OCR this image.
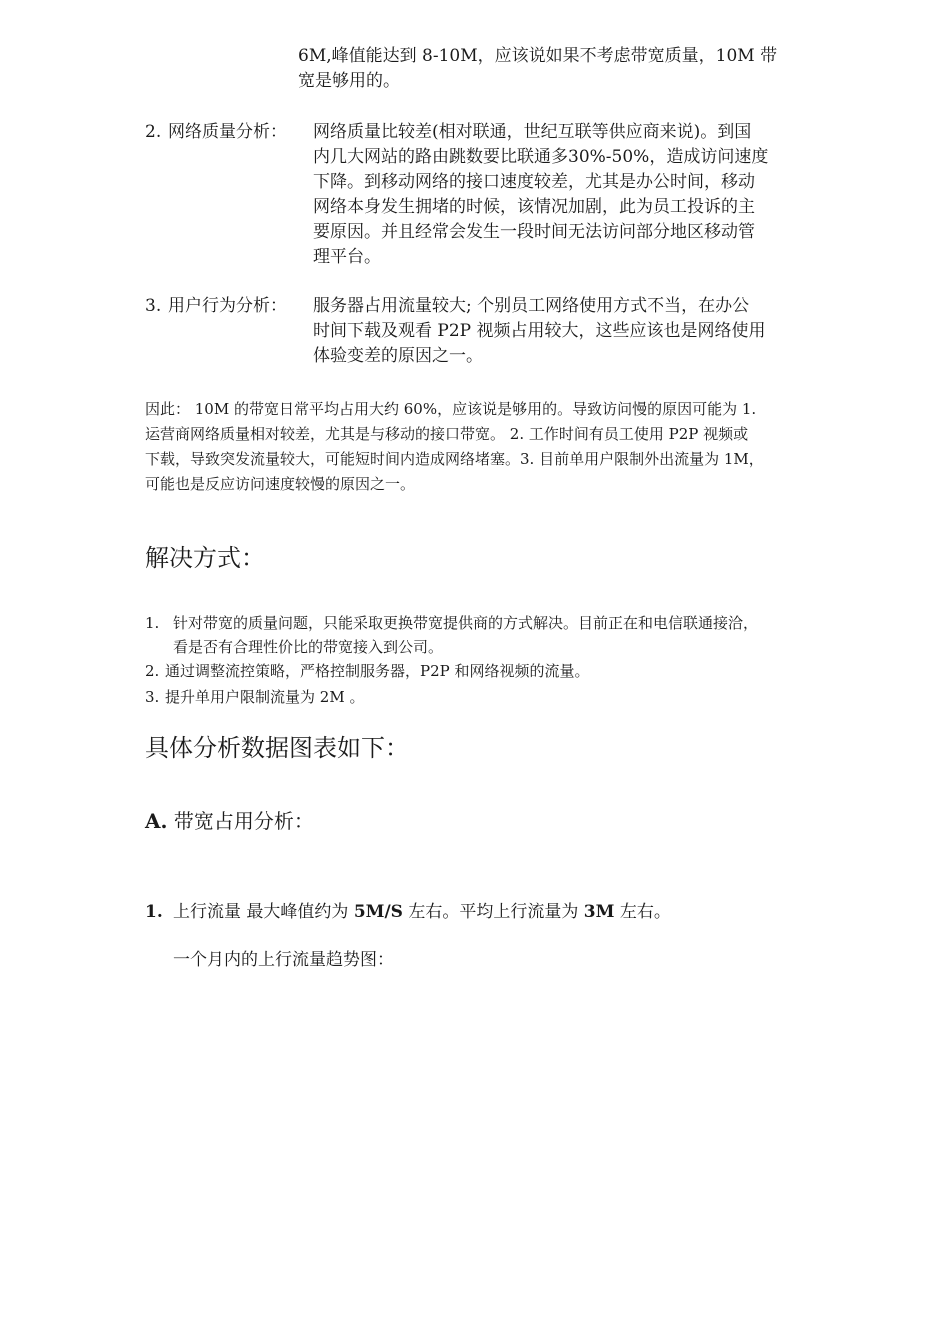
6M,峰值能达到 8-10M，应该说如果不考虑带宽质量，10M 带
宽是够用的。
2. 网络质量分析： 网络质量比较差(相对联通，世纪互联等供应商来说)。到国
内几大网站的路由跳数要比联通多30%-50%，造成访问速度
下降。到移动网络的接口速度较差，尤其是办公时间，移动
网络本身发生拥堵的时候，该情况加剧，此为员工投诉的主
要原因。并且经常会发生一段时间无法访问部分地区移动管
理平台。
3. 用户行为分析： 服务器占用流量较大; 个别员工网络使用方式不当，在办公
时间下载及观看 P2P 视频占用较大，这些应该也是网络使用
体验变差的原因之一。
因此： 10M 的带宽日常平均占用大约 60%，应该说是够用的。导致访问慢的原因可能为 1.
运营商网络质量相对较差，尤其是与移动的接口带宽。 2. 工作时间有员工使用 P2P 视频或
下载，导致突发流量较大，可能短时间内造成网络堵塞。3. 目前单用户限制外出流量为 1M，
可能也是反应访问速度较慢的原因之一。
解决方式：
1. 针对带宽的质量问题，只能采取更换带宽提供商的方式解决。目前正在和电信联通接洽，
看是否有合理性价比的带宽接入到公司。
2. 通过调整流控策略，严格控制服务器，P2P 和网络视频的流量。
3. 提升单用户限制流量为 2M 。
具体分析数据图表如下：
A. 带宽占用分析：
1. 上行流量 最大峰值约为 5M/S 左右。平均上行流量为 3M 左右。
一个月内的上行流量趋势图：
